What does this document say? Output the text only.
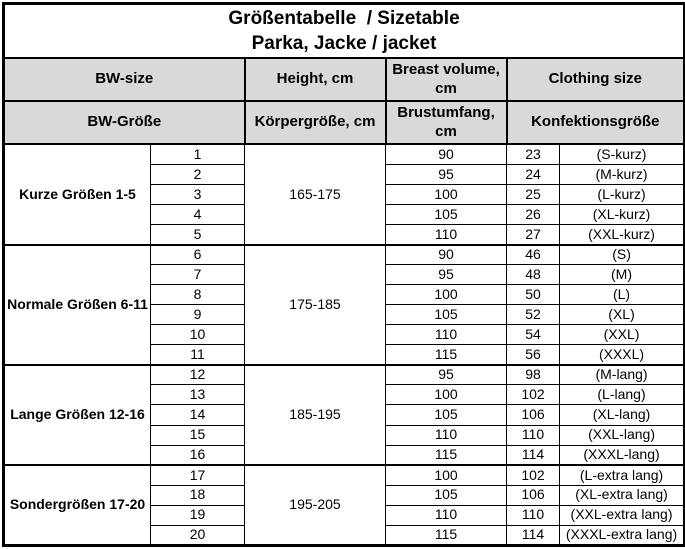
Größentabelle  / Sizetable
Parka, Jacke / jacket					

BW-size		Height, cm	Breast volume, cm	Clothing size	
BW-Größe		Körpergröße, cm	Brustumfang, cm	Konfektionsgröße	
Kurze Größen 1-5	1	165-175	90	23	(S-kurz)
	2		95	24	(M-kurz)
	3		100	25	(L-kurz)
	4		105	26	(XL-kurz)
	5		110	27	(XXL-kurz)
Normale Größen 6-11	6	175-185	90	46	(S)
	7		95	48	(M)
	8		100	50	(L)
	9		105	52	(XL)
	10		110	54	(XXL)
	11		115	56	(XXXL)
Lange Größen 12-16	12	185-195	95	98	(M-lang)
	13		100	102	(L-lang)
	14		105	106	(XL-lang)
	15		110	110	(XXL-lang)
	16		115	114	(XXXL-lang)
Sondergrößen 17-20	17	195-205	100	102	(L-extra lang)
	18		105	106	(XL-extra lang)
	19		110	110	(XXL-extra lang)
	20		115	114	(XXXL-extra lang)
